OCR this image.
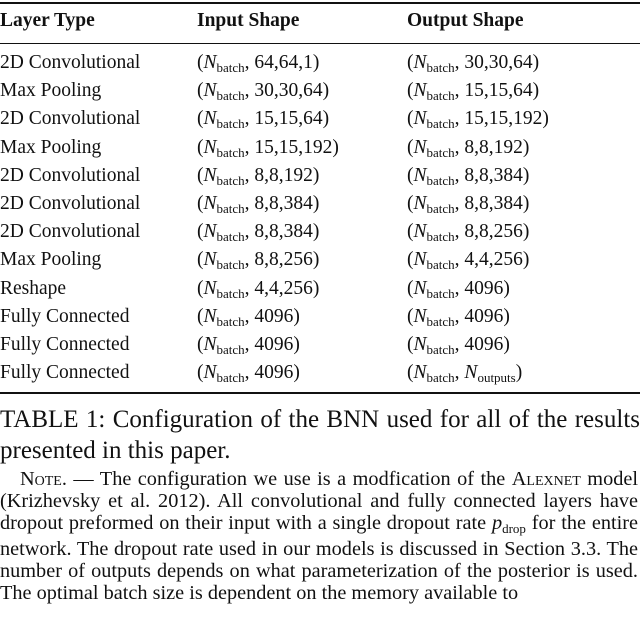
Layer Type	Input Shape	Output Shape
2D Convolutional	($N_{batch}$, 64,64,1)	($N_{batch}$, 30,30,64)
Max Pooling	($N_{batch}$, 30,30,64)	($N_{batch}$, 15,15,64)
2D Convolutional	($N_{batch}$, 15,15,64)	($N_{batch}$, 15,15,192)
Max Pooling	($N_{batch}$, 15,15,192)	($N_{batch}$, 8,8,192)
2D Convolutional	($N_{batch}$, 8,8,192)	($N_{batch}$, 8,8,384)
2D Convolutional	($N_{batch}$, 8,8,384)	($N_{batch}$, 8,8,384)
2D Convolutional	($N_{batch}$, 8,8,384)	($N_{batch}$, 8,8,256)
Max Pooling	($N_{batch}$, 8,8,256)	($N_{batch}$, 4,4,256)
Reshape	($N_{batch}$, 4,4,256)	($N_{batch}$, 4096)
Fully Connected	($N_{batch}$, 4096)	($N_{batch}$, 4096)
Fully Connected	($N_{batch}$, 4096)	($N_{batch}$, 4096)
Fully Connected	($N_{batch}$, 4096)	($N_{batch}$, $N_{outputs}$)
TABLE 1: Configuration of the BNN used for all of the results presented in this paper.
Note. — The configuration we use is a modfication of the Alexnet model (Krizhevsky et al. 2012). All convolutional and fully connected layers have dropout preformed on their input with a single dropout rate $p_{drop}$ for the entire network. The dropout rate used in our models is discussed in Section 3.3. The number of outputs depends on what parameterization of the posterior is used. The optimal batch size is dependent on the memory available to
